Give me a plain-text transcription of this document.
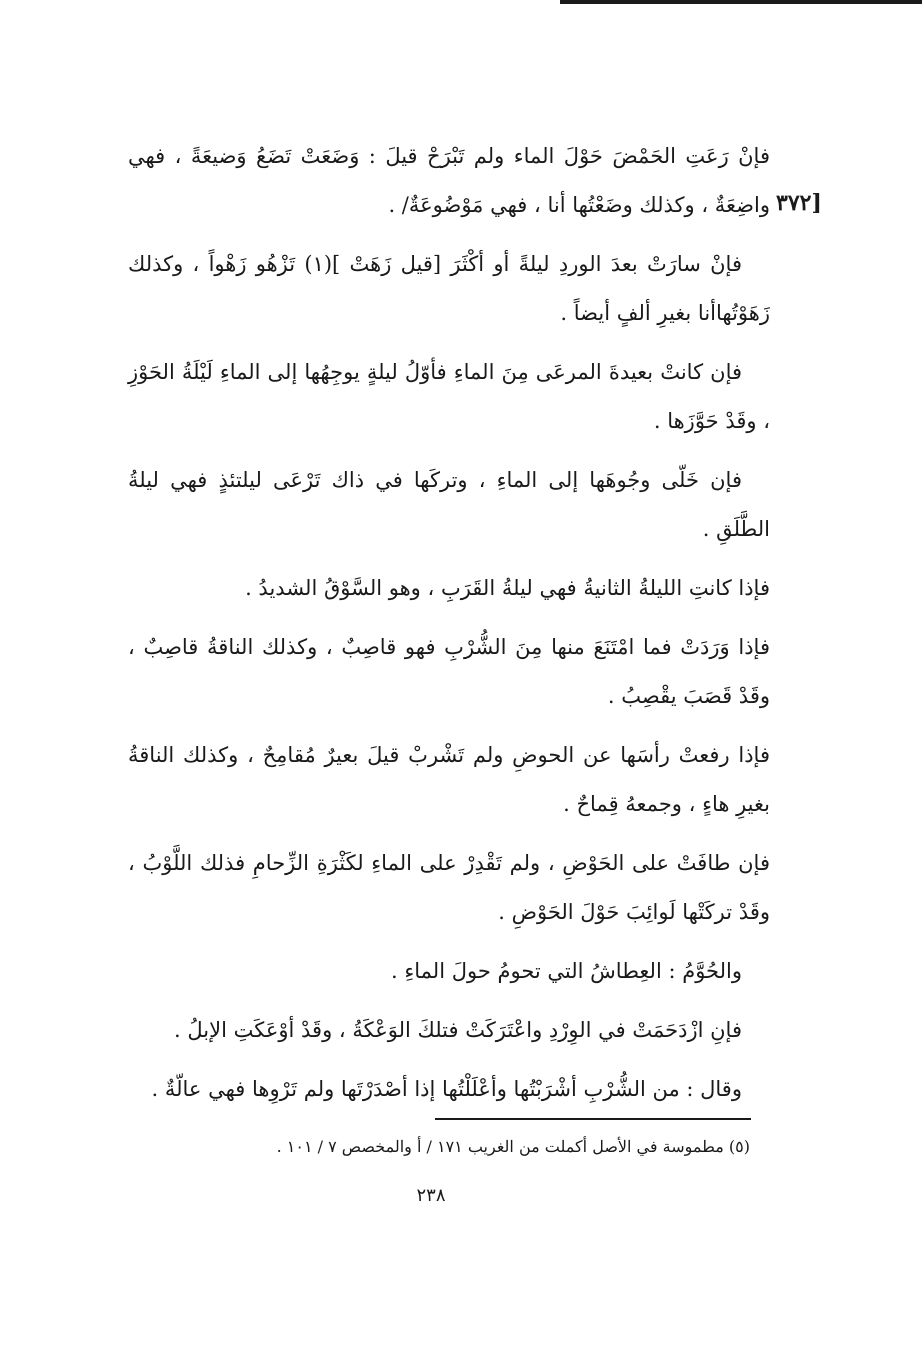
[٣٧٢

فإنْ رَعَتِ الحَمْضَ حَوْلَ الماء ولم تَبْرَحْ قيلَ : وَضَعَتْ تَضَعُ وَضيعَةً ، فهي واضِعَةٌ ، وكذلك وضَعْتُها أنا ، فهي مَوْضُوعَةٌ/ .

فإنْ سارَتْ بعدَ الوردِ ليلةً أو أكْثَرَ [قيل زَهَتْ ](١) تَزْهُو زَهْواً ، وكذلك زَهَوْتُهاأنا بغيرِ ألفٍ أيضاً .

فإن كانتْ بعيدةَ المرعَى مِنَ الماءِ فأوّلُ ليلةٍ يوجِهُها إلى الماءِ لَيْلَةُ الحَوْزِ ، وقَدْ حَوَّزَها .

فإن خَلّى وجُوهَها إلى الماءِ ، وتركَها في ذاك تَرْعَى ليلتئذٍ فهي ليلةُ الطَّلَقِ .

فإذا كانتِ الليلةُ الثانيةُ فهي ليلةُ القَرَبِ ، وهو السَّوْقُ الشديدُ .

فإذا وَرَدَتْ فما امْتَنَعَ منها مِنَ الشُّرْبِ فهو قاصِبٌ ، وكذلك الناقةُ قاصِبٌ ، وقَدْ قَصَبَ يقْصِبُ .

فإذا رفعتْ رأسَها عن الحوضِ ولم تَشْربْ قيلَ بعيرٌ مُقامِحٌ ، وكذلك الناقةُ بغيرِ هاءٍ ، وجمعهُ قِماحٌ .

فإن طافَتْ على الحَوْضِ ، ولم تَقْدِرْ على الماءِ لكَثْرَةِ الزِّحامِ فذلك اللَّوْبُ ، وقَدْ تركَتْها لَوائِبَ حَوْلَ الحَوْضِ .

والحُوَّمُ : العِطاشُ التي تحومُ حولَ الماءِ .

فإنِ ازْدَحَمَتْ في الوِرْدِ واعْتَرَكَتْ فتلكَ الوَعْكَةُ ، وقَدْ أوْعَكَتِ الإبلُ .

وقال : من الشُّرْبِ أشْرَبْتُها وأعْلَلْتُها إذا أصْدَرْتَها ولم تَرْوِها فهي عالّةٌ .

(٥) مطموسة في الأصل أكملت من الغريب ١٧١ / أ والمخصص ٧ / ١٠١ .
٢٣٨
